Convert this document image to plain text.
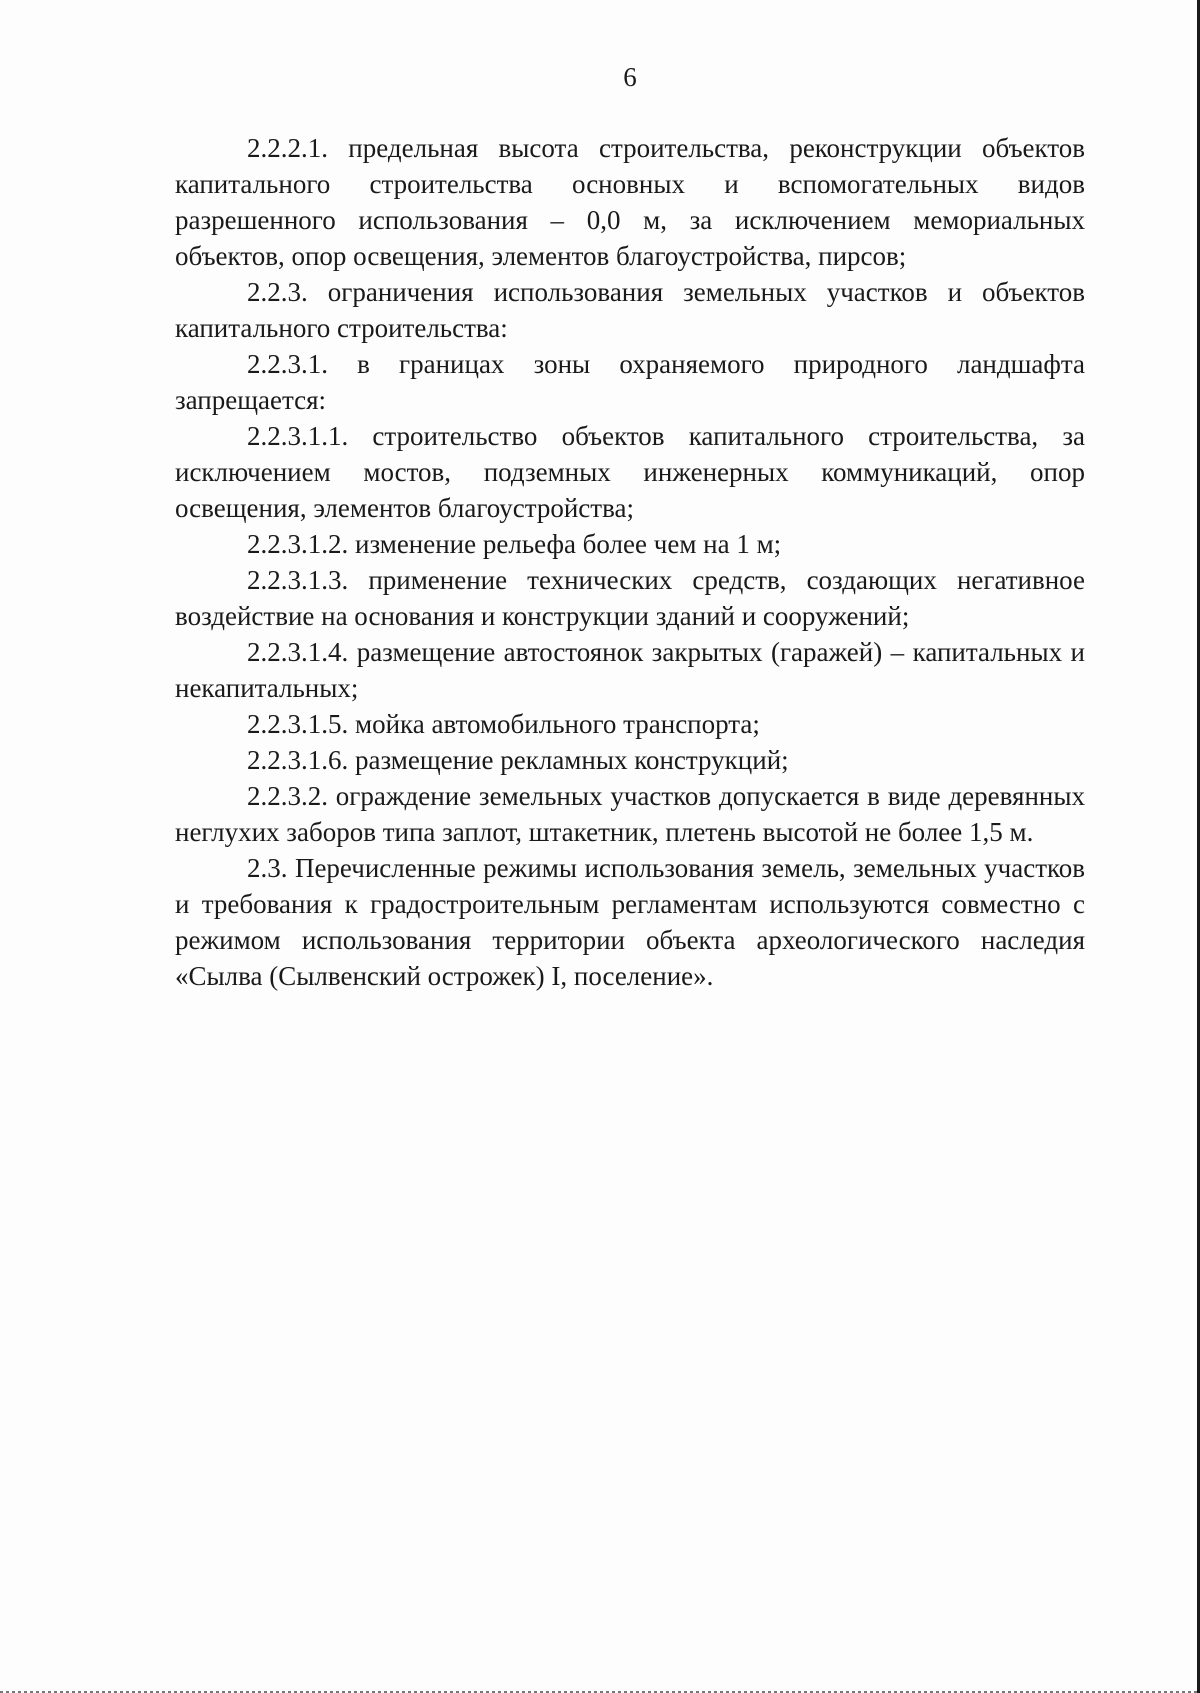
6

2.2.2.1. предельная высота строительства, реконструкции объектов капитального строительства основных и вспомогательных видов разрешенного использования – 0,0 м, за исключением мемориальных объектов, опор освещения, элементов благоустройства, пирсов;

2.2.3. ограничения использования земельных участков и объектов капитального строительства:

2.2.3.1. в границах зоны охраняемого природного ландшафта запрещается:

2.2.3.1.1. строительство объектов капитального строительства, за исключением мостов, подземных инженерных коммуникаций, опор освещения, элементов благоустройства;

2.2.3.1.2. изменение рельефа более чем на 1 м;

2.2.3.1.3. применение технических средств, создающих негативное воздействие на основания и конструкции зданий и сооружений;

2.2.3.1.4. размещение автостоянок закрытых (гаражей) – капитальных и некапитальных;

2.2.3.1.5. мойка автомобильного транспорта;

2.2.3.1.6. размещение рекламных конструкций;

2.2.3.2. ограждение земельных участков допускается в виде деревянных неглухих заборов типа заплот, штакетник, плетень высотой не более 1,5 м.

2.3. Перечисленные режимы использования земель, земельных участков и требования к градостроительным регламентам используются совместно с режимом использования территории объекта археологического наследия «Сылва (Сылвенский острожек) I, поселение».
